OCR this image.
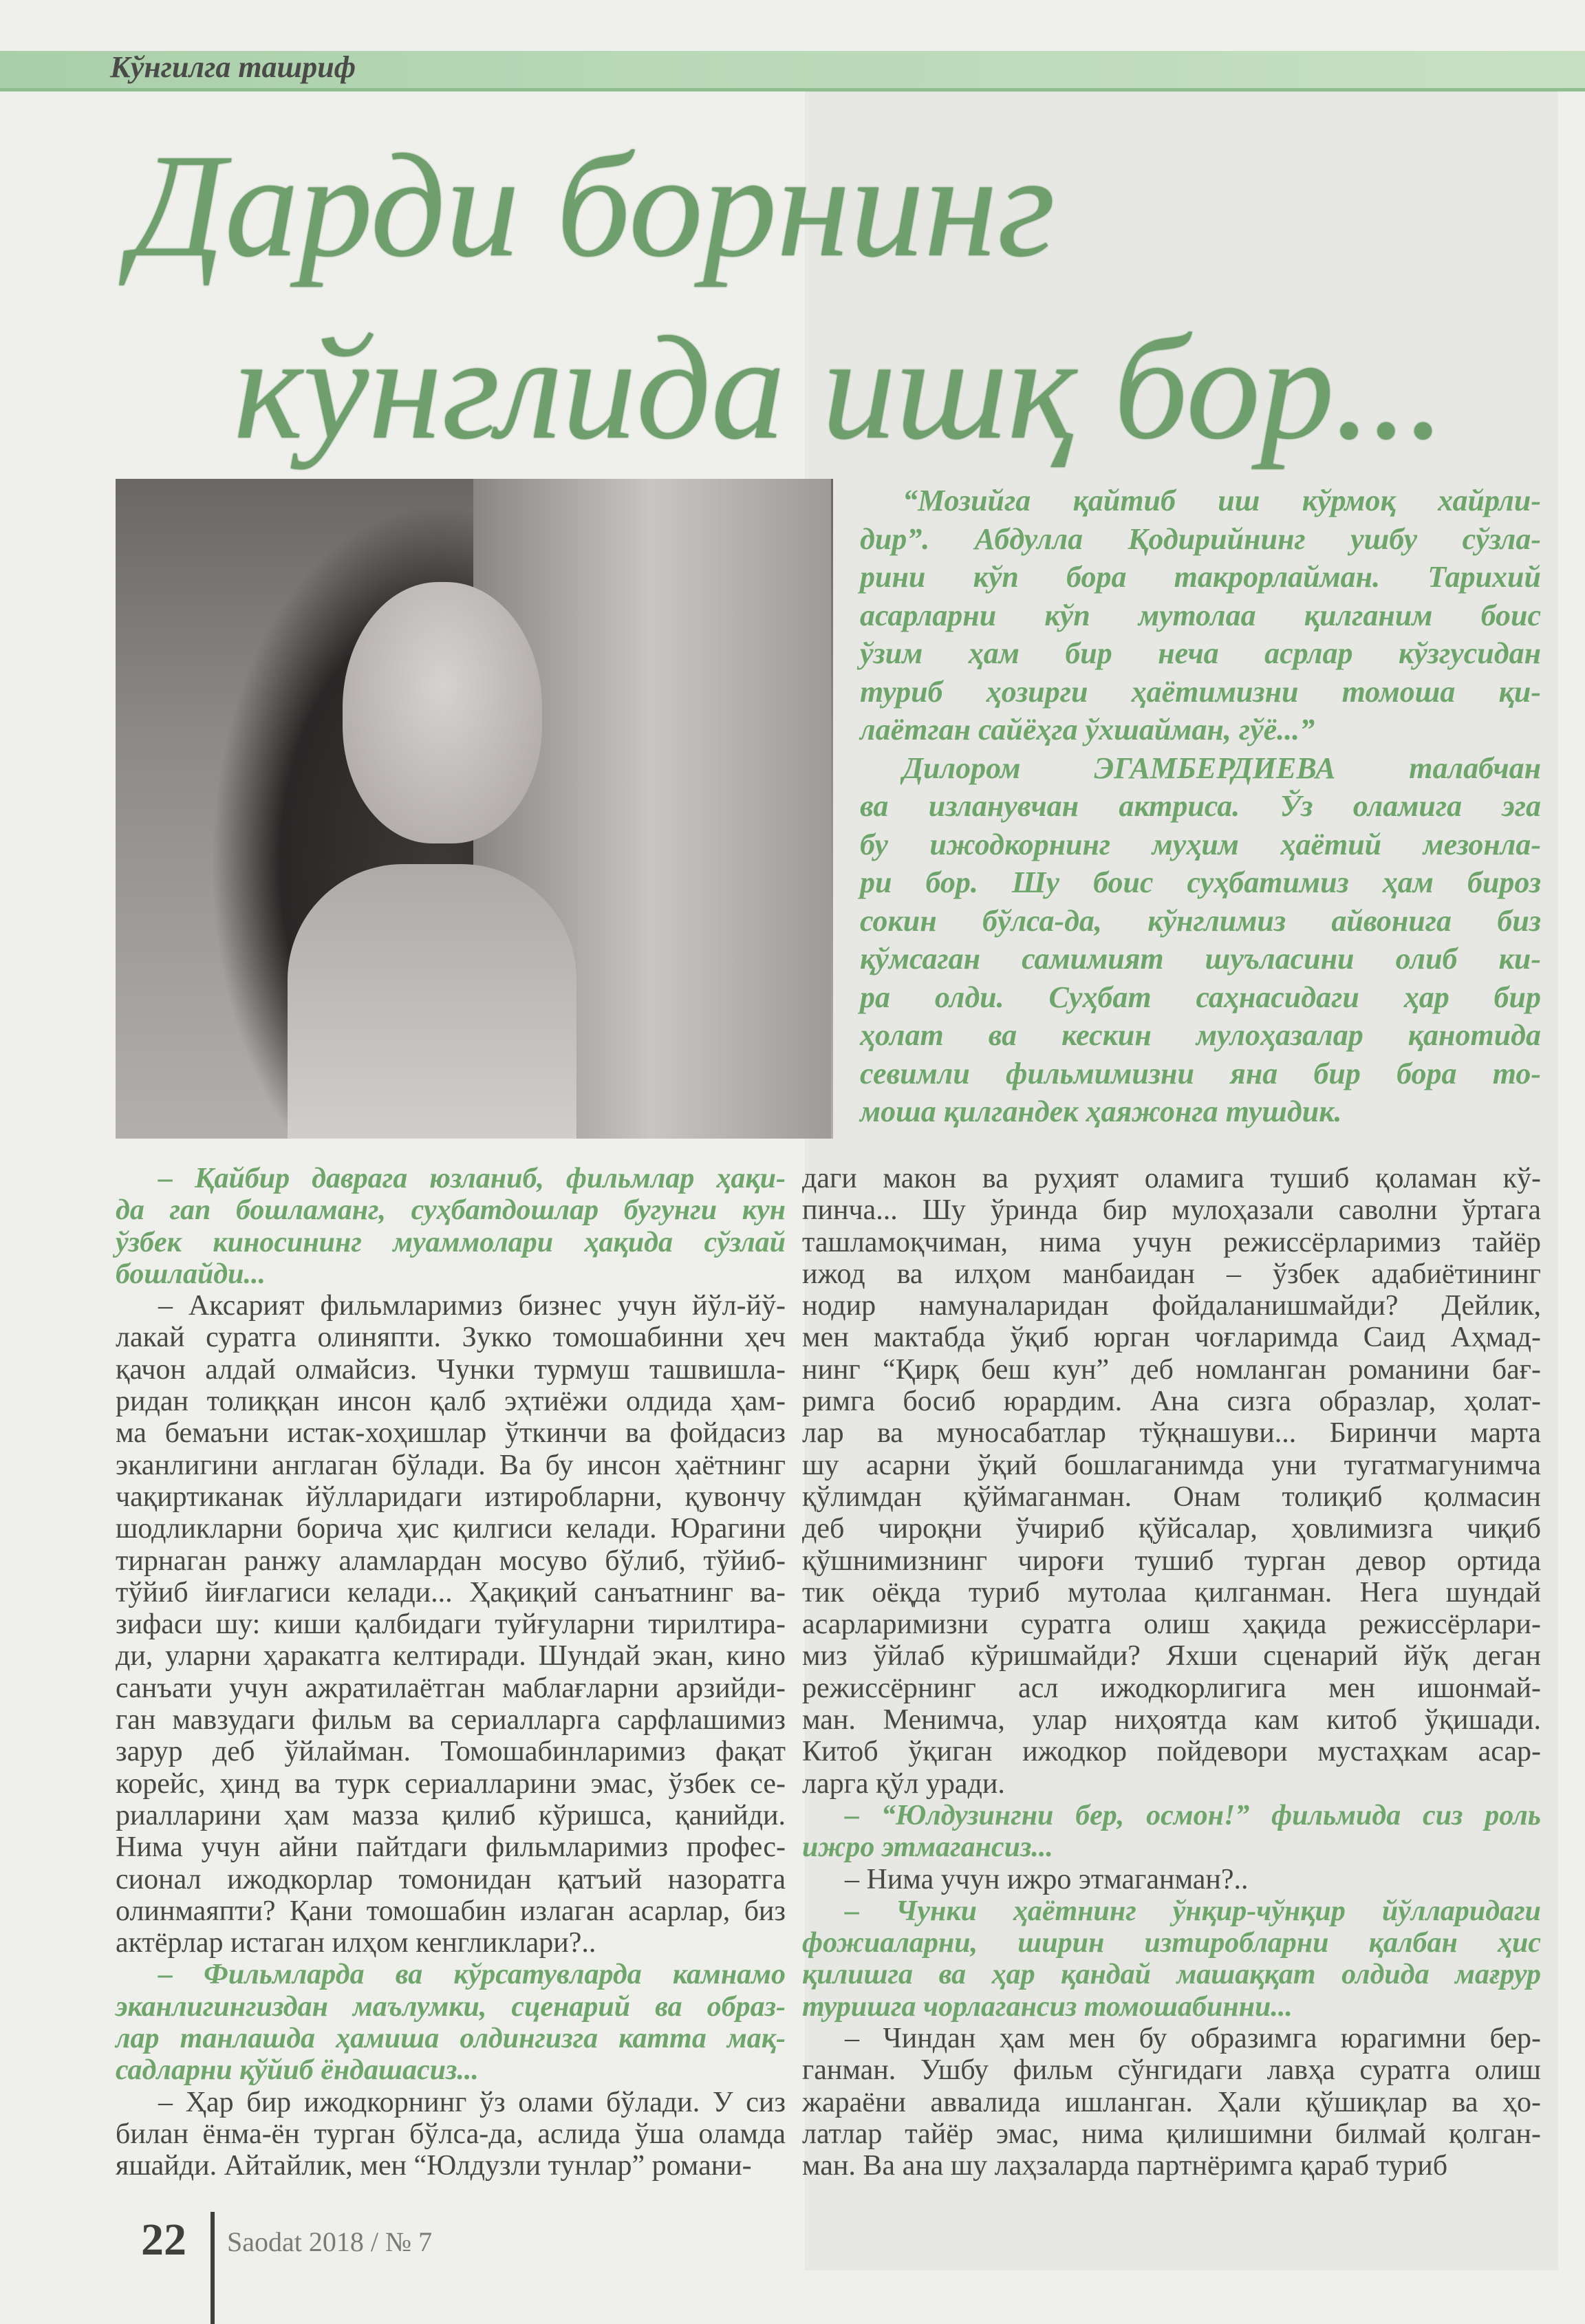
Кўнгилга ташриф
Дарди борнинг
кўнглида ишқ бор...
“Мозийга қайтиб иш кўрмоқ хайрли-
дир”. Абдулла Қодирийнинг ушбу сўзла-
рини кўп бора такрорлайман. Тарихий
асарларни кўп мутолаа қилганим боис
ўзим ҳам бир неча асрлар кўзгусидан
туриб ҳозирги ҳаётимизни томоша қи-
лаётган сайёҳга ўхшайман, гўё...”
Дилором ЭГАМБЕРДИЕВА талабчан
ва изланувчан актриса. Ўз оламига эга
бу ижодкорнинг муҳим ҳаётий мезонла-
ри бор. Шу боис суҳбатимиз ҳам бироз
сокин бўлса-да, кўнглимиз айвонига биз
қўмсаган самимият шуъласини олиб ки-
ра олди. Суҳбат саҳнасидаги ҳар бир
ҳолат ва кескин мулоҳазалар қанотида
севимли фильмимизни яна бир бора то-
моша қилгандек ҳаяжонга тушдик.
– Қайбир даврага юзланиб, фильмлар ҳақи-
да гап бошламанг, суҳбатдошлар бугунги кун
ўзбек киносининг муаммолари ҳақида сўзлай
бошлайди...
– Аксарият фильмларимиз бизнес учун йўл-йў-
лакай суратга олиняпти. Зукко томошабинни ҳеч
қачон алдай олмайсиз. Чунки турмуш ташвишла-
ридан толиққан инсон қалб эҳтиёжи олдида ҳам-
ма бемаъни истак-хоҳишлар ўткинчи ва фойдасиз
эканлигини англаган бўлади. Ва бу инсон ҳаётнинг
чақиртиканак йўлларидаги изтиробларни, қувончу
шодликларни борича ҳис қилгиси келади. Юрагини
тирнаган ранжу аламлардан мосуво бўлиб, тўйиб-
тўйиб йиғлагиси келади... Ҳақиқий санъатнинг ва-
зифаси шу: киши қалбидаги туйғуларни тирилтира-
ди, уларни ҳаракатга келтиради. Шундай экан, кино
санъати учун ажратилаётган маблағларни арзийди-
ган мавзудаги фильм ва сериалларга сарфлашимиз
зарур деб ўйлайман. Томошабинларимиз фақат
корейс, ҳинд ва турк сериалларини эмас, ўзбек се-
риалларини ҳам мазза қилиб кўришса, қанийди.
Нима учун айни пайтдаги фильмларимиз профес-
сионал ижодкорлар томонидан қатъий назоратга
олинмаяпти? Қани томошабин излаган асарлар, биз
актёрлар истаган илҳом кенгликлари?..
– Фильмларда ва кўрсатувларда камнамо
эканлигингиздан маълумки, сценарий ва образ-
лар танлашда ҳамиша олдингизга катта мақ-
садларни қўйиб ёндашасиз...
– Ҳар бир ижодкорнинг ўз олами бўлади. У сиз
билан ёнма-ён турган бўлса-да, аслида ўша оламда
яшайди. Айтайлик, мен “Юлдузли тунлар” романи-
даги макон ва руҳият оламига тушиб қоламан кў-
пинча... Шу ўринда бир мулоҳазали саволни ўртага
ташламоқчиман, нима учун режиссёрларимиз тайёр
ижод ва илҳом манбаидан – ўзбек адабиётининг
нодир намуналаридан фойдаланишмайди? Дейлик,
мен мактабда ўқиб юрган чоғларимда Саид Аҳмад-
нинг “Қирқ беш кун” деб номланган романини бағ-
римга босиб юрардим. Ана сизга образлар, ҳолат-
лар ва муносабатлар тўқнашуви... Биринчи марта
шу асарни ўқий бошлаганимда уни тугатмагунимча
қўлимдан қўймаганман. Онам толиқиб қолмасин
деб чироқни ўчириб қўйсалар, ҳовлимизга чиқиб
қўшнимизнинг чироғи тушиб турган девор ортида
тик оёқда туриб мутолаа қилганман. Нега шундай
асарларимизни суратга олиш ҳақида режиссёрлари-
миз ўйлаб кўришмайди? Яхши сценарий йўқ деган
режиссёрнинг асл ижодкорлигига мен ишонмай-
ман. Менимча, улар ниҳоятда кам китоб ўқишади.
Китоб ўқиган ижодкор пойдевори мустаҳкам асар-
ларга қўл уради.
– “Юлдузингни бер, осмон!” фильмида сиз роль
ижро этмагансиз...
– Нима учун ижро этмаганман?..
– Чунки ҳаётнинг ўнқир-чўнқир йўлларидаги
фожиаларни, ширин изтиробларни қалбан ҳис
қилишга ва ҳар қандай машаққат олдида мағрур
туришга чорлагансиз томошабинни...
– Чиндан ҳам мен бу образимга юрагимни бер-
ганман. Ушбу фильм сўнгидаги лавҳа суратга олиш
жараёни аввалида ишланган. Ҳали қўшиқлар ва ҳо-
латлар тайёр эмас, нима қилишимни билмай қолган-
ман. Ва ана шу лаҳзаларда партнёримга қараб туриб
22 Saodat 2018 / № 7
